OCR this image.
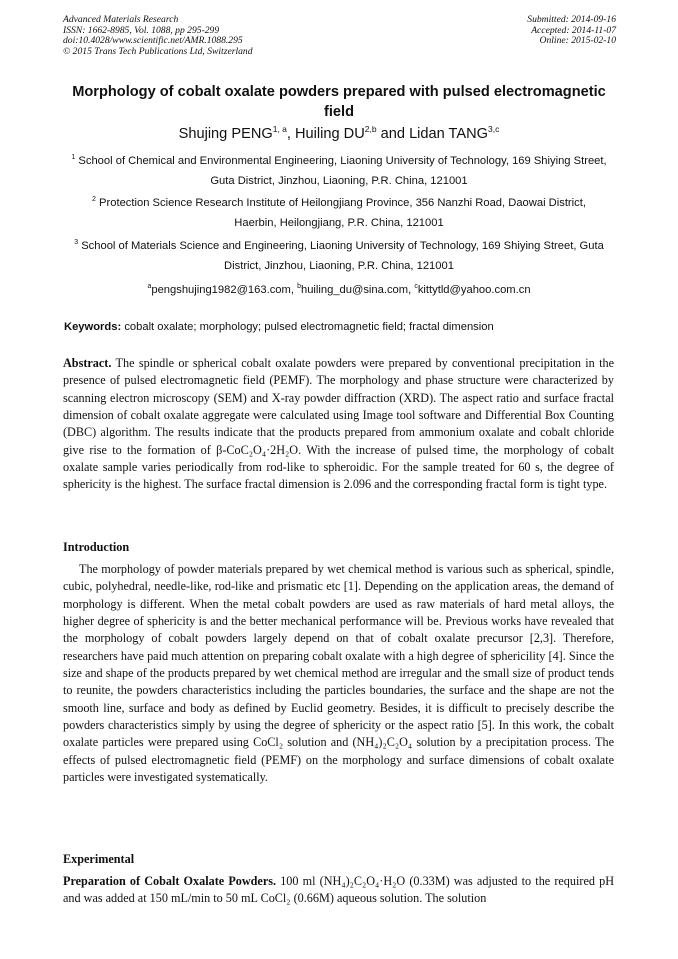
Advanced Materials Research
ISSN: 1662-8985, Vol. 1088, pp 295-299
doi:10.4028/www.scientific.net/AMR.1088.295
© 2015 Trans Tech Publications Ltd, Switzerland
Submitted: 2014-09-16
Accepted: 2014-11-07
Online: 2015-02-10
Morphology of cobalt oxalate powders prepared with pulsed electromagnetic field
Shujing PENG$^{1, a}$, Huiling DU$^{2,b}$ and Lidan TANG$^{3,c}$
$^1$ School of Chemical and Environmental Engineering, Liaoning University of Technology, 169 Shiying Street, Guta District, Jinzhou, Liaoning, P.R. China, 121001
$^2$ Protection Science Research Institute of Heilongjiang Province, 356 Nanzhi Road, Daowai District, Haerbin, Heilongjiang, P.R. China, 121001
$^3$ School of Materials Science and Engineering, Liaoning University of Technology, 169 Shiying Street, Guta District, Jinzhou, Liaoning, P.R. China, 121001
$^a$pengshujing1982@163.com, $^b$huiling_du@sina.com, $^c$kittytld@yahoo.com.cn
Keywords: cobalt oxalate; morphology; pulsed electromagnetic field; fractal dimension
Abstract. The spindle or spherical cobalt oxalate powders were prepared by conventional precipitation in the presence of pulsed electromagnetic field (PEMF). The morphology and phase structure were characterized by scanning electron microscopy (SEM) and X-ray powder diffraction (XRD). The aspect ratio and surface fractal dimension of cobalt oxalate aggregate were calculated using Image tool software and Differential Box Counting (DBC) algorithm. The results indicate that the products prepared from ammonium oxalate and cobalt chloride give rise to the formation of β-CoC₂O₄·2H₂O. With the increase of pulsed time, the morphology of cobalt oxalate sample varies periodically from rod-like to spheroidic. For the sample treated for 60 s, the degree of sphericity is the highest. The surface fractal dimension is 2.096 and the corresponding fractal form is tight type.
Introduction
The morphology of powder materials prepared by wet chemical method is various such as spherical, spindle, cubic, polyhedral, needle-like, rod-like and prismatic etc [1]. Depending on the application areas, the demand of morphology is different. When the metal cobalt powders are used as raw materials of hard metal alloys, the higher degree of sphericity is and the better mechanical performance will be. Previous works have revealed that the morphology of cobalt powders largely depend on that of cobalt oxalate precursor [2,3]. Therefore, researchers have paid much attention on preparing cobalt oxalate with a high degree of sphericility [4]. Since the size and shape of the products prepared by wet chemical method are irregular and the small size of product tends to reunite, the powders characteristics including the particles boundaries, the surface and the shape are not the smooth line, surface and body as defined by Euclid geometry. Besides, it is difficult to precisely describe the powders characteristics simply by using the degree of sphericity or the aspect ratio [5]. In this work, the cobalt oxalate particles were prepared using CoCl₂ solution and (NH₄)₂C₂O₄ solution by a precipitation process. The effects of pulsed electromagnetic field (PEMF) on the morphology and surface dimensions of cobalt oxalate particles were investigated systematically.
Experimental
Preparation of Cobalt Oxalate Powders. 100 ml (NH₄)₂C₂O₄·H₂O (0.33M) was adjusted to the required pH and was added at 150 mL/min to 50 mL CoCl₂ (0.66M) aqueous solution. The solution
